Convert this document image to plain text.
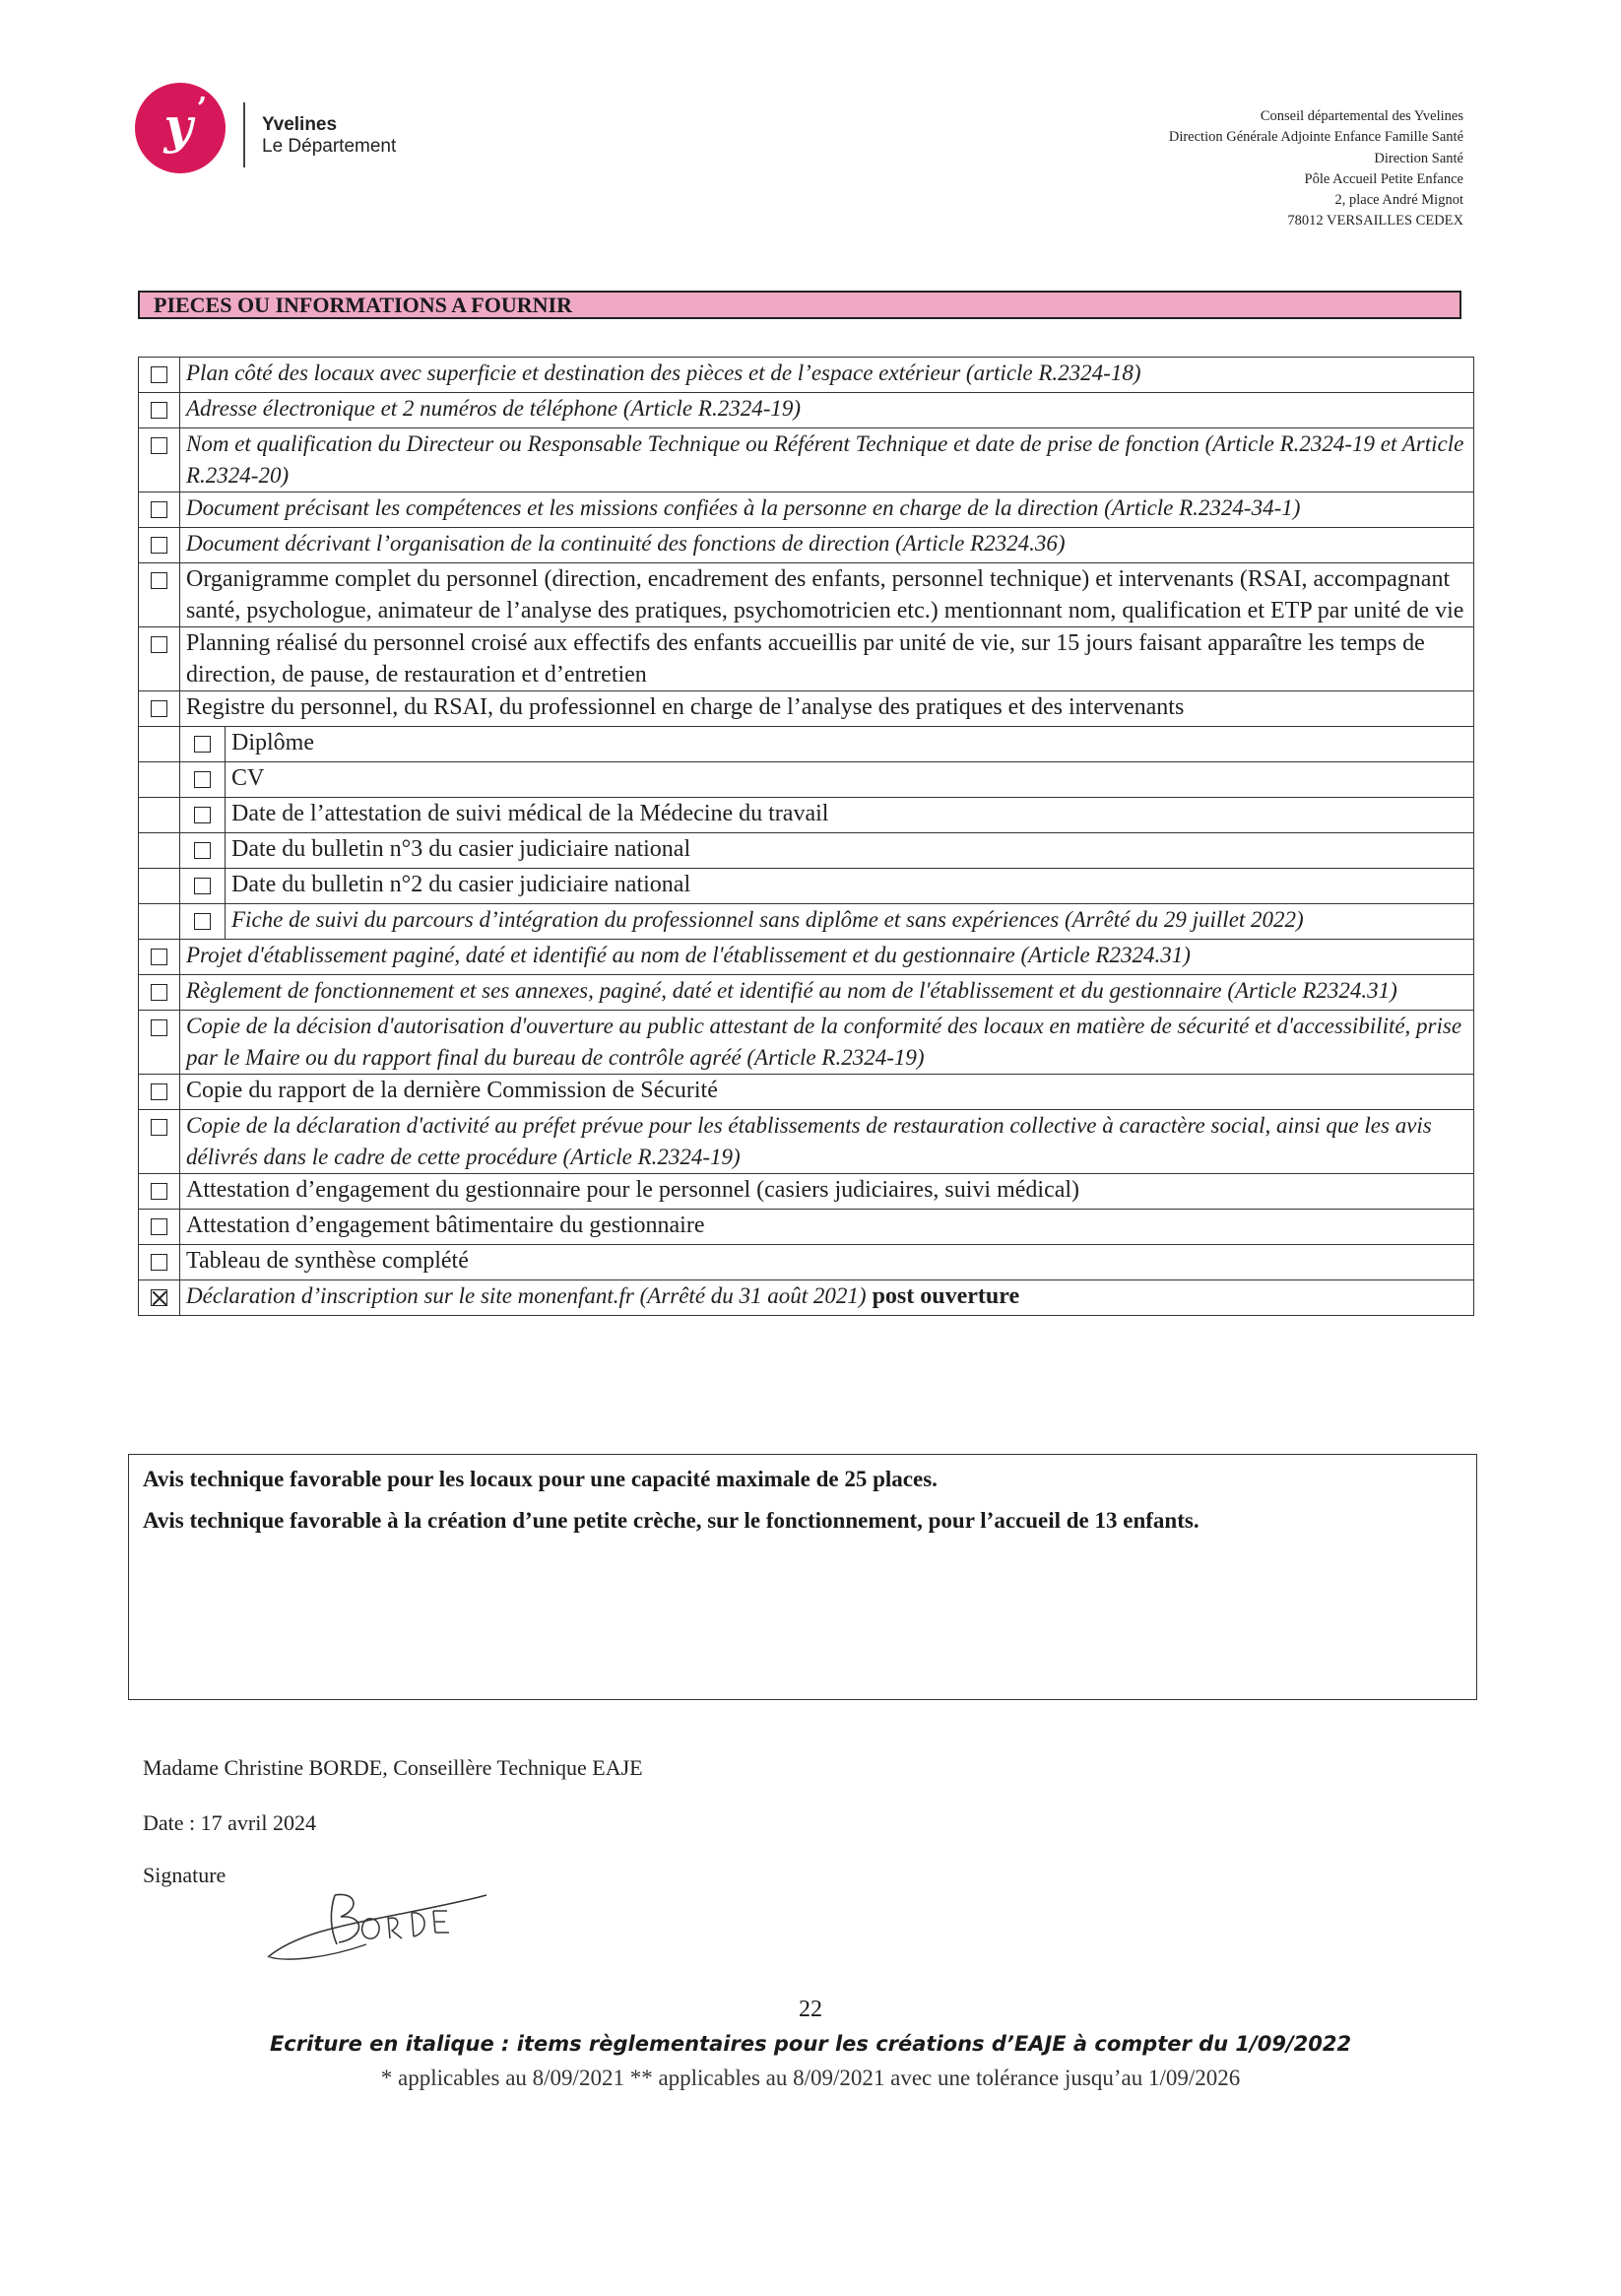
y ’	Yvelines
Le Département
Conseil départemental des Yvelines
Direction Générale Adjointe Enfance Famille Santé
Direction Santé
Pôle Accueil Petite Enfance
2, place André Mignot
78012 VERSAILLES CEDEX
PIECES OU INFORMATIONS A FOURNIR
	Plan côté des locaux avec superficie et destination des pièces et de l’espace extérieur (article R.2324-18)	
	Adresse électronique et 2 numéros de téléphone (Article R.2324-19)	
	Nom et qualification du Directeur ou Responsable Technique ou Référent Technique et date de prise de fonction (Article R.2324-19 et Article R.2324-20)	
	Document précisant les compétences et les missions confiées à la personne en charge de la direction (Article R.2324-34-1)	
	Document décrivant l’organisation de la continuité des fonctions de direction (Article R2324.36)	
	Organigramme complet du personnel (direction, encadrement des enfants, personnel technique) et intervenants (RSAI, accompagnant santé, psychologue, animateur de l’analyse des pratiques, psychomotricien etc.) mentionnant nom, qualification et ETP par unité de vie	
	Planning réalisé du personnel croisé aux effectifs des enfants accueillis par unité de vie, sur 15 jours faisant apparaître les temps de direction, de pause, de restauration et d’entretien	
	Registre du personnel, du RSAI, du professionnel en charge de l’analyse des pratiques et des intervenants	
		Diplôme
		CV
		Date de l’attestation de suivi médical de la Médecine du travail
		Date du bulletin n°3 du casier judiciaire national
		Date du bulletin n°2 du casier judiciaire national
		Fiche de suivi du parcours d’intégration du professionnel sans diplôme et sans expériences (Arrêté du 29 juillet 2022)
	Projet d'établissement paginé, daté et identifié au nom de l'établissement et du gestionnaire (Article R2324.31)	
	Règlement de fonctionnement et ses annexes, paginé, daté et identifié au nom de l'établissement et du gestionnaire (Article R2324.31)	
	Copie de la décision d'autorisation d'ouverture au public attestant de la conformité des locaux en matière de sécurité et d'accessibilité, prise par le Maire ou du rapport final du bureau de contrôle agréé (Article R.2324-19)	
	Copie du rapport de la dernière Commission de Sécurité	
	Copie de la déclaration d'activité au préfet prévue pour les établissements de restauration collective à caractère social, ainsi que les avis délivrés dans le cadre de cette procédure (Article R.2324-19)	
	Attestation d’engagement du gestionnaire pour le personnel (casiers judiciaires, suivi médical)	
	Attestation d’engagement bâtimentaire du gestionnaire	
	Tableau de synthèse complété	
	Déclaration d’inscription sur le site monenfant.fr (Arrêté du 31 août 2021) post ouverture	

Avis technique favorable pour les locaux pour une capacité maximale de 25 places.

Avis technique favorable à la création d’une petite crèche, sur le fonctionnement, pour l’accueil de 13 enfants.

Madame Christine BORDE, Conseillère Technique EAJE
Date : 17 avril 2024
Signature	BORDE
22
Ecriture en italique : items règlementaires pour les créations d’EAJE à compter du 1/09/2022
* applicables au 8/09/2021 ** applicables au 8/09/2021 avec une tolérance jusqu’au 1/09/2026
